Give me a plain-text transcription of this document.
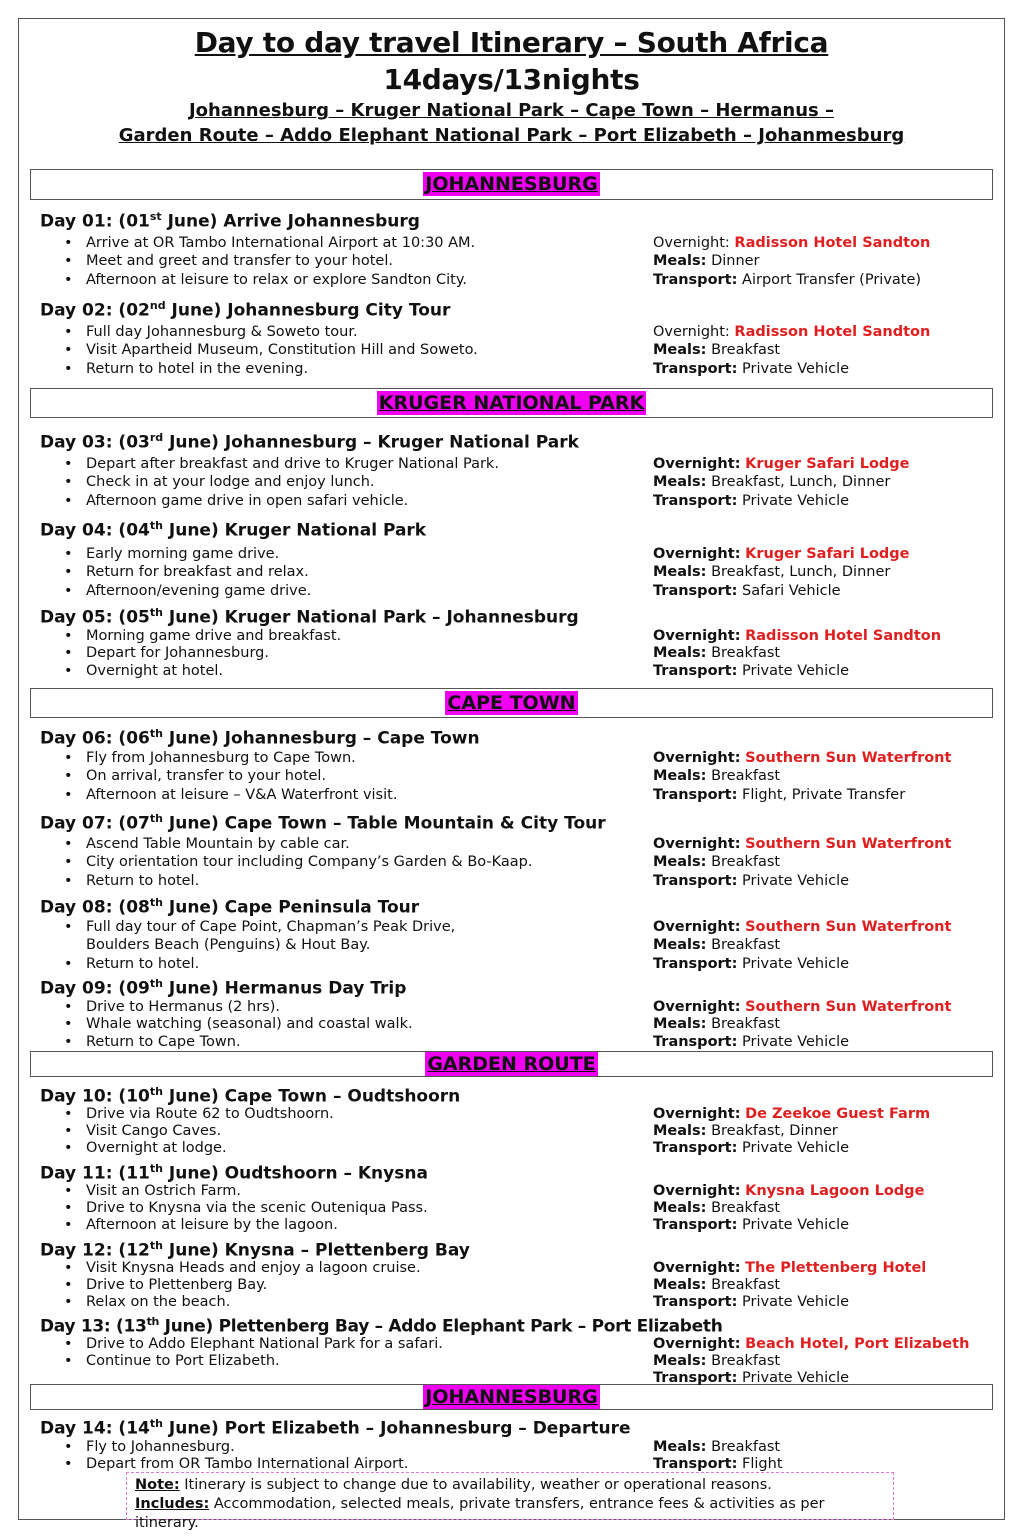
Day to day travel Itinerary – South Africa
14days/13nights
Johannesburg – Kruger National Park – Cape Town – Hermanus –
Garden Route – Addo Elephant National Park – Port Elizabeth – Johanmesburg
JOHANNESBURG
KRUGER NATIONAL PARK
CAPE TOWN
GARDEN ROUTE
JOHANNESBURG
Day 01: (01st June) Arrive Johannesburg
• Arrive at OR Tambo International Airport at 10:30 AM.
• Meet and greet and transfer to your hotel.
• Afternoon at leisure to relax or explore Sandton City.
Overnight: Radisson Hotel Sandton
Meals: Dinner
Transport: Airport Transfer (Private)
Day 02: (02nd June) Johannesburg City Tour
• Full day Johannesburg & Soweto tour.
• Visit Apartheid Museum, Constitution Hill and Soweto.
• Return to hotel in the evening.
Overnight: Radisson Hotel Sandton
Meals: Breakfast
Transport: Private Vehicle
Day 03: (03rd June) Johannesburg – Kruger National Park
• Depart after breakfast and drive to Kruger National Park.
• Check in at your lodge and enjoy lunch.
• Afternoon game drive in open safari vehicle.
Overnight: Kruger Safari Lodge
Meals: Breakfast, Lunch, Dinner
Transport: Private Vehicle
Day 04: (04th June) Kruger National Park
• Early morning game drive.
• Return for breakfast and relax.
• Afternoon/evening game drive.
Overnight: Kruger Safari Lodge
Meals: Breakfast, Lunch, Dinner
Transport: Safari Vehicle
Day 05: (05th June) Kruger National Park – Johannesburg
• Morning game drive and breakfast.
• Depart for Johannesburg.
• Overnight at hotel.
Overnight: Radisson Hotel Sandton
Meals: Breakfast
Transport: Private Vehicle
Day 06: (06th June) Johannesburg – Cape Town
• Fly from Johannesburg to Cape Town.
• On arrival, transfer to your hotel.
• Afternoon at leisure – V&A Waterfront visit.
Overnight: Southern Sun Waterfront
Meals: Breakfast
Transport: Flight, Private Transfer
Day 07: (07th June) Cape Town – Table Mountain & City Tour
• Ascend Table Mountain by cable car.
• City orientation tour including Company’s Garden & Bo-Kaap.
• Return to hotel.
Overnight: Southern Sun Waterfront
Meals: Breakfast
Transport: Private Vehicle
Day 08: (08th June) Cape Peninsula Tour
• Full day tour of Cape Point, Chapman’s Peak Drive,
Boulders Beach (Penguins) & Hout Bay.
• Return to hotel.
Overnight: Southern Sun Waterfront
Meals: Breakfast
Transport: Private Vehicle
Day 09: (09th June) Hermanus Day Trip
• Drive to Hermanus (2 hrs).
• Whale watching (seasonal) and coastal walk.
• Return to Cape Town.
Overnight: Southern Sun Waterfront
Meals: Breakfast
Transport: Private Vehicle
Day 10: (10th June) Cape Town – Oudtshoorn
• Drive via Route 62 to Oudtshoorn.
• Visit Cango Caves.
• Overnight at lodge.
Overnight: De Zeekoe Guest Farm
Meals: Breakfast, Dinner
Transport: Private Vehicle
Day 11: (11th June) Oudtshoorn – Knysna
• Visit an Ostrich Farm.
• Drive to Knysna via the scenic Outeniqua Pass.
• Afternoon at leisure by the lagoon.
Overnight: Knysna Lagoon Lodge
Meals: Breakfast
Transport: Private Vehicle
Day 12: (12th June) Knysna – Plettenberg Bay
• Visit Knysna Heads and enjoy a lagoon cruise.
• Drive to Plettenberg Bay.
• Relax on the beach.
Overnight: The Plettenberg Hotel
Meals: Breakfast
Transport: Private Vehicle
Day 13: (13th June) Plettenberg Bay – Addo Elephant Park – Port Elizabeth
• Drive to Addo Elephant National Park for a safari.
• Continue to Port Elizabeth.
Overnight: Beach Hotel, Port Elizabeth
Meals: Breakfast
Transport: Private Vehicle
Day 14: (14th June) Port Elizabeth – Johannesburg – Departure
• Fly to Johannesburg.
• Depart from OR Tambo International Airport.
Meals: Breakfast
Transport: Flight
Note: Itinerary is subject to change due to availability, weather or operational reasons.
Includes: Accommodation, selected meals, private transfers, entrance fees & activities as per itinerary.
